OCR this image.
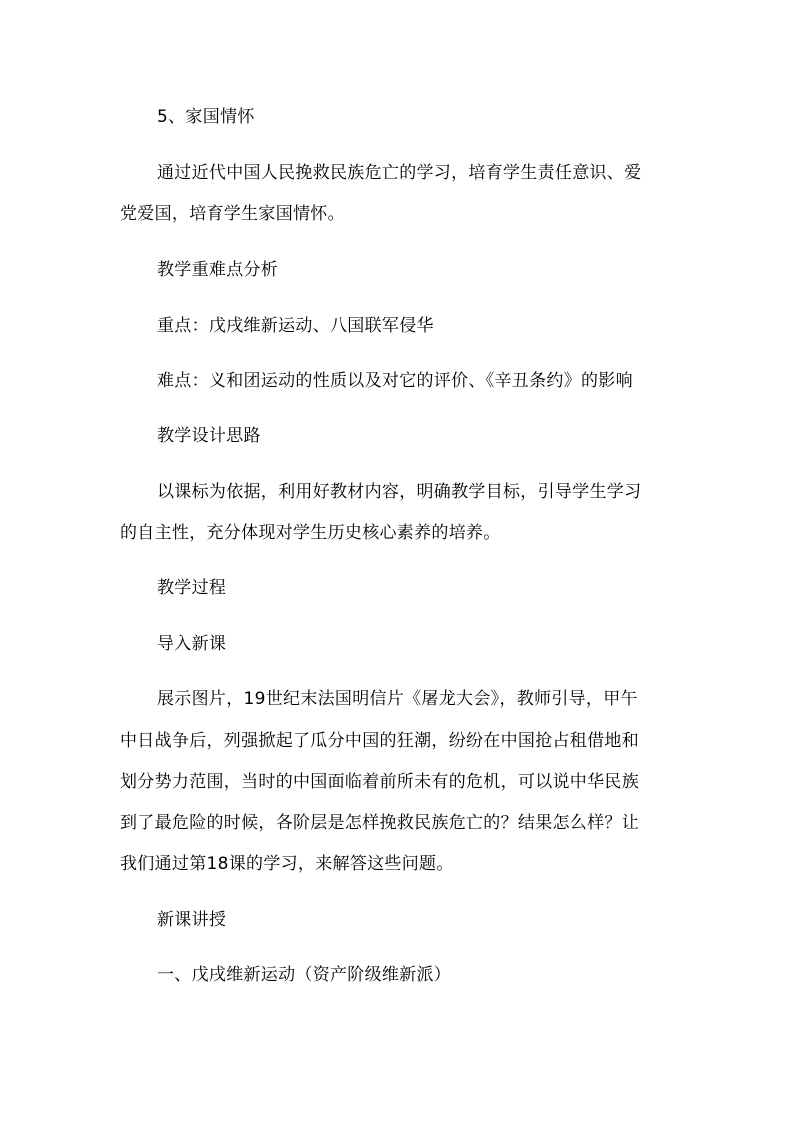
5、家国情怀
通过近代中国人民挽救民族危亡的学习，培育学生责任意识、爱
党爱国，培育学生家国情怀。
教学重难点分析
重点：戊戌维新运动、八国联军侵华
难点：义和团运动的性质以及对它的评价、《辛丑条约》的影响
教学设计思路
以课标为依据，利用好教材内容，明确教学目标，引导学生学习
的自主性，充分体现对学生历史核心素养的培养。
教学过程
导入新课
展示图片，19世纪末法国明信片《屠龙大会》，教师引导，甲午
中日战争后，列强掀起了瓜分中国的狂潮，纷纷在中国抢占租借地和
划分势力范围，当时的中国面临着前所未有的危机，可以说中华民族
到了最危险的时候，各阶层是怎样挽救民族危亡的？结果怎么样？让
我们通过第18课的学习，来解答这些问题。
新课讲授
一、戊戌维新运动（资产阶级维新派）
